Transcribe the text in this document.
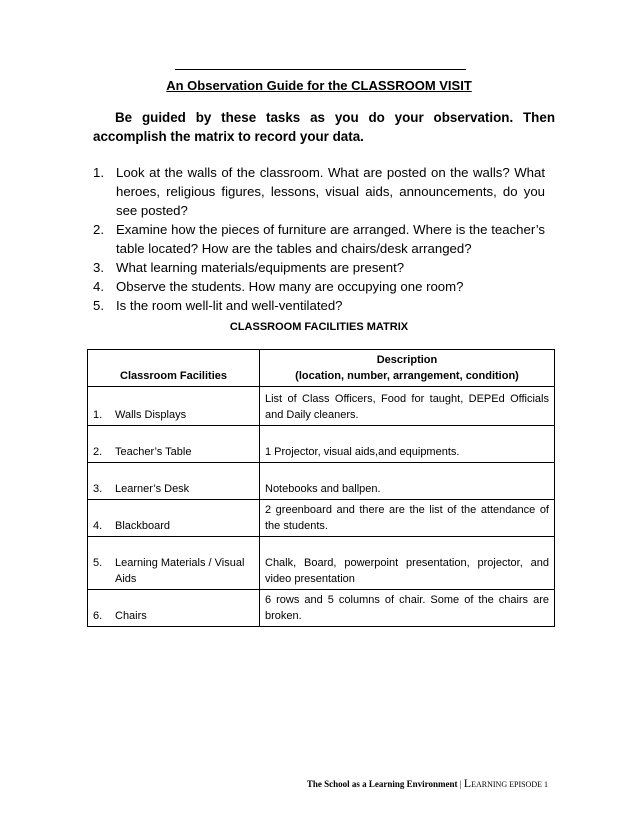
An Observation Guide for the CLASSROOM VISIT
Be guided by these tasks as you do your observation. Then accomplish the matrix to record your data.
1. Look at the walls of the classroom. What are posted on the walls? What heroes, religious figures, lessons, visual aids, announcements, do you see posted?
2. Examine how the pieces of furniture are arranged. Where is the teacher’s table located? How are the tables and chairs/desk arranged?
3. What learning materials/equipments are present?
4. Observe the students. How many are occupying one room?
5. Is the room well-lit and well-ventilated?
CLASSROOM FACILITIES MATRIX
Classroom Facilities	Description
(location, number, arrangement, condition)

1. Walls Displays	List of Class Officers, Food for taught, DEPEd Officials and Daily cleaners.
2. Teacher’s Table	1 Projector, visual aids,and equipments.
3. Learner’s Desk	Notebooks and ballpen.
4. Blackboard	2 greenboard and there are the list of the attendance of the students.
5. Learning Materials / Visual Aids	Chalk, Board, powerpoint presentation, projector, and video presentation
6. Chairs	6 rows and 5 columns of chair. Some of the chairs are broken.
The School as a Learning Environment | LEARNING EPISODE 1
